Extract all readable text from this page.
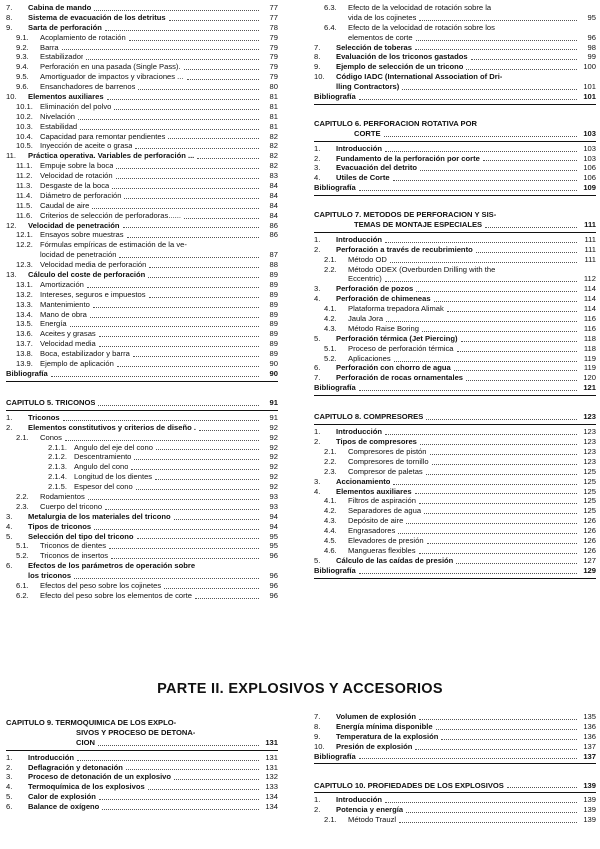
7.	Cabina de mando	77
8.	Sistema de evacuación de los detritus	77
9.	Sarta de perforación	78
9.1.	Acoplamiento de rotación	79
9.2.	Barra	79
9.3.	Estabilizador	79
9.4.	Perforación en una pasada (Single Pass).	79
9.5.	Amortiguador de impactos y vibraciones ...	79
9.6.	Ensanchadores de barrenos	80
10.	Elementos auxiliares	81
10.1. Eliminación del polvo	81
10.2. Nivelación	81
10.3. Estabilidad	81
10.4. Capacidad para remontar pendientes	82
10.5. Inyección de aceite o grasa	82
11.	Práctica operativa. Variables de perforación ...	82
11.1.	Empuje sobre la boca	82
11.2.	Velocidad de rotación	83
11.3.	Desgaste de la boca	84
11.4.	Diámetro de perforación	84
11.5.	Caudal de aire	84
11.6.	Criterios de selección de perforadoras......	84
12.	Velocidad de penetración	86
12.1. Ensayos sobre muestras	86
12.2. Fórmulas empíricas de estimación de la ve-
locidad de penetración	87
12.3. Velocidad media de perforación	88
13.	Cálculo del coste de perforación	89
13.1. Amortización	89
13.2. Intereses, seguros e impuestos	89
13.3. Mantenimiento	89
13.4. Mano de obra	89
13.5. Energía	89
13.6. Aceites y grasas	89
13.7. Velocidad media	89
13.8. Boca, estabilizador y barra	89
13.9. Ejemplo de aplicación	90
Bibliografía	90
CAPITULO 5. TRICONOS	91
1.	Triconos	91
2.	Elementos constitutivos y criterios de diseño .	92
2.1.	Conos	92
2.1.1. Angulo del eje del cono	92
2.1.2. Descentramiento	92
2.1.3. Angulo del cono	92
2.1.4. Longitud de los dientes	92
2.1.5. Espesor del cono	92
2.2.	Rodamientos	93
2.3.	Cuerpo del tricono	93
3.	Metalurgia de los materiales del tricono	94
4.	Tipos de triconos	94
5.	Selección del tipo del tricono	95
5.1.	Triconos de dientes	95
5.2.	Triconos de insertos	96
6.	Efectos de los parámetros de operación sobre
los triconos	96
6.1.	Efectos del peso sobre los cojinetes	96
6.2.	Efecto del peso sobre los elementos de corte	96
6.3.	Efecto de la velocidad de rotación sobre la
vida de los cojinetes	95
6.4.	Efecto de la velocidad de rotación sobre los
elementos de corte	96
7.	Selección de toberas	98
8.	Evaluación de los triconos gastados	99
9.	Ejemplo de selección de un tricono	100
10.	Código IADC (International Association of Dri-
lling Contractors)	101
Bibliografía	101
CAPITULO 6. PERFORACION ROTATIVA POR
CORTE	103
1.	Introducción	103
2.	Fundamento de la perforación por corte	103
3.	Evacuación del detrito	106
4.	Utiles de Corte	106
Bibliografía	109
CAPITULO 7. METODOS DE PERFORACION Y SIS-
TEMAS DE MONTAJE ESPECIALES	111
1.	Introducción	111
2.	Perforación a través de recubrimiento	111
2.1.	Método OD	111
2.2.	Método ODEX (Overburden Drilling with the
Eccentric)	112
3.	Perforación de pozos	114
4.	Perforación de chimeneas	114
4.1.	Plataforma trepadora Alimak	114
4.2.	Jaula Jora	116
4.3.	Método Raise Boring	116
5.	Perforación térmica (Jet Piercing)	118
5.1.	Proceso de perforación térmica	118
5.2.	Aplicaciones	119
6.	Perforación con chorro de agua	119
7.	Perforación de rocas ornamentales	120
Bibliografía	121
CAPITULO 8. COMPRESORES	123
1.	Introducción	123
2.	Tipos de compresores	123
2.1.	Compresores de pistón	123
2.2.	Compresores de tornillo	123
2.3.	Compresor de paletas	125
3.	Accionamiento	125
4.	Elementos auxiliares	125
4.1.	Filtros de aspiración	125
4.2.	Separadores de agua	125
4.3.	Depósito de aire	126
4.4.	Engrasadores	126
4.5.	Elevadores de presión	126
4.6.	Mangueras flexibles	126
5.	Cálculo de las caídas de presión	127
Bibliografía	129
PARTE II. EXPLOSIVOS Y ACCESORIOS
CAPITULO 9. TERMOQUIMICA DE LOS EXPLO-
SIVOS Y PROCESO DE DETONA-
CION	131
1.	Introducción	131
2.	Deflagración y detonación	131
3.	Proceso de detonación de un explosivo	132
4.	Termoquímica de los explosivos	133
5.	Calor de explosión	134
6.	Balance de oxígeno	134
7.	Volumen de explosión	135
8.	Energía mínima disponible	136
9.	Temperatura de la explosión	136
10.	Presión de explosión	137
Bibliografía	137
CAPITULO 10. PROFIEDADES DE LOS EXPLOSIVOS	139
1.	Introducción	139
2.	Potencia y energía	139
2.1.	Método Trauzl	139
